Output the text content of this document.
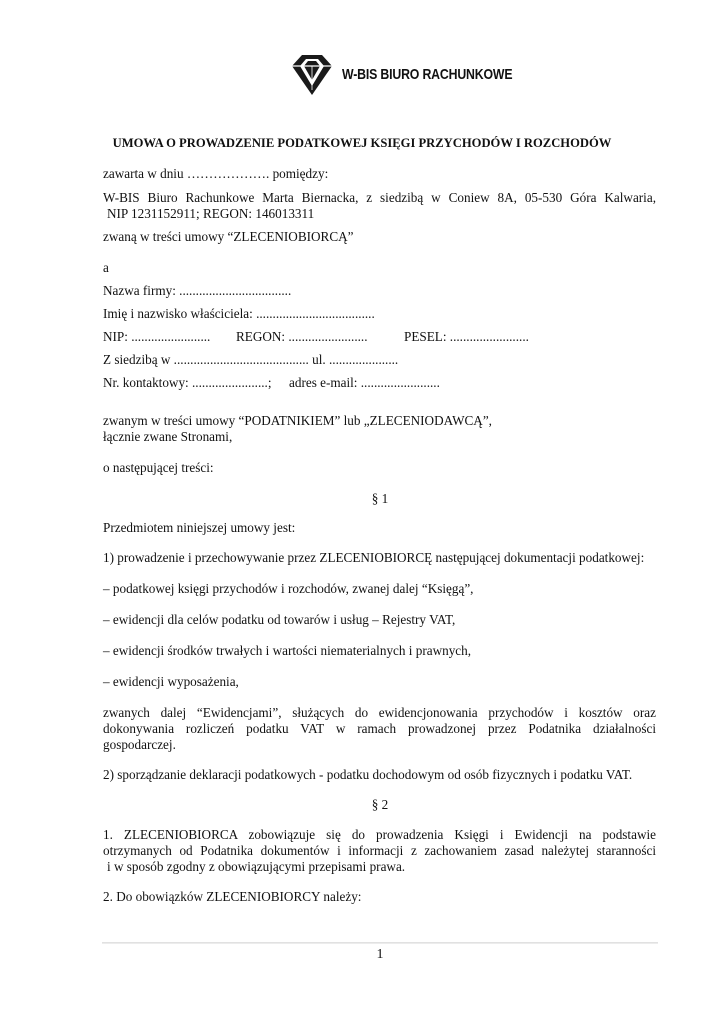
W-BIS BIURO RACHUNKOWE
UMOWA O PROWADZENIE PODATKOWEJ KSIĘGI PRZYCHODÓW I ROZCHODÓW
zawarta w dniu ………………. pomiędzy:
W-BIS Biuro Rachunkowe Marta Biernacka, z siedzibą w Coniew 8A, 05-530 Góra Kalwaria,
NIP 1231152911; REGON: 146013311
zwaną w treści umowy “ZLECENIOBIORCĄ”
a
Nazwa firmy: ..................................
Imię i nazwisko właściciela: ....................................
NIP: ........................ REGON: ........................	PESEL: ........................
Z siedzibą w ......................................... ul. .....................
Nr. kontaktowy: .......................; adres e-mail: ........................
zwanym w treści umowy “PODATNIKIEM” lub „ZLECENIODAWCĄ”,
łącznie zwane Stronami,
o następującej treści:
§ 1
Przedmiotem niniejszej umowy jest:
1) prowadzenie i przechowywanie przez ZLECENIOBIORCĘ następującej dokumentacji podatkowej:
– podatkowej księgi przychodów i rozchodów, zwanej dalej “Księgą”,
– ewidencji dla celów podatku od towarów i usług – Rejestry VAT,
– ewidencji środków trwałych i wartości niematerialnych i prawnych,
– ewidencji wyposażenia,
zwanych dalej “Ewidencjami”, służących do ewidencjonowania przychodów i kosztów oraz
dokonywania rozliczeń podatku VAT w ramach prowadzonej przez Podatnika działalności
gospodarczej.
2) sporządzanie deklaracji podatkowych - podatku dochodowym od osób fizycznych i podatku VAT.
§ 2
1. ZLECENIOBIORCA zobowiązuje się do prowadzenia Księgi i Ewidencji na podstawie
otrzymanych od Podatnika dokumentów i informacji z zachowaniem zasad należytej staranności
i w sposób zgodny z obowiązującymi przepisami prawa.
2. Do obowiązków ZLECENIOBIORCY należy:
1
